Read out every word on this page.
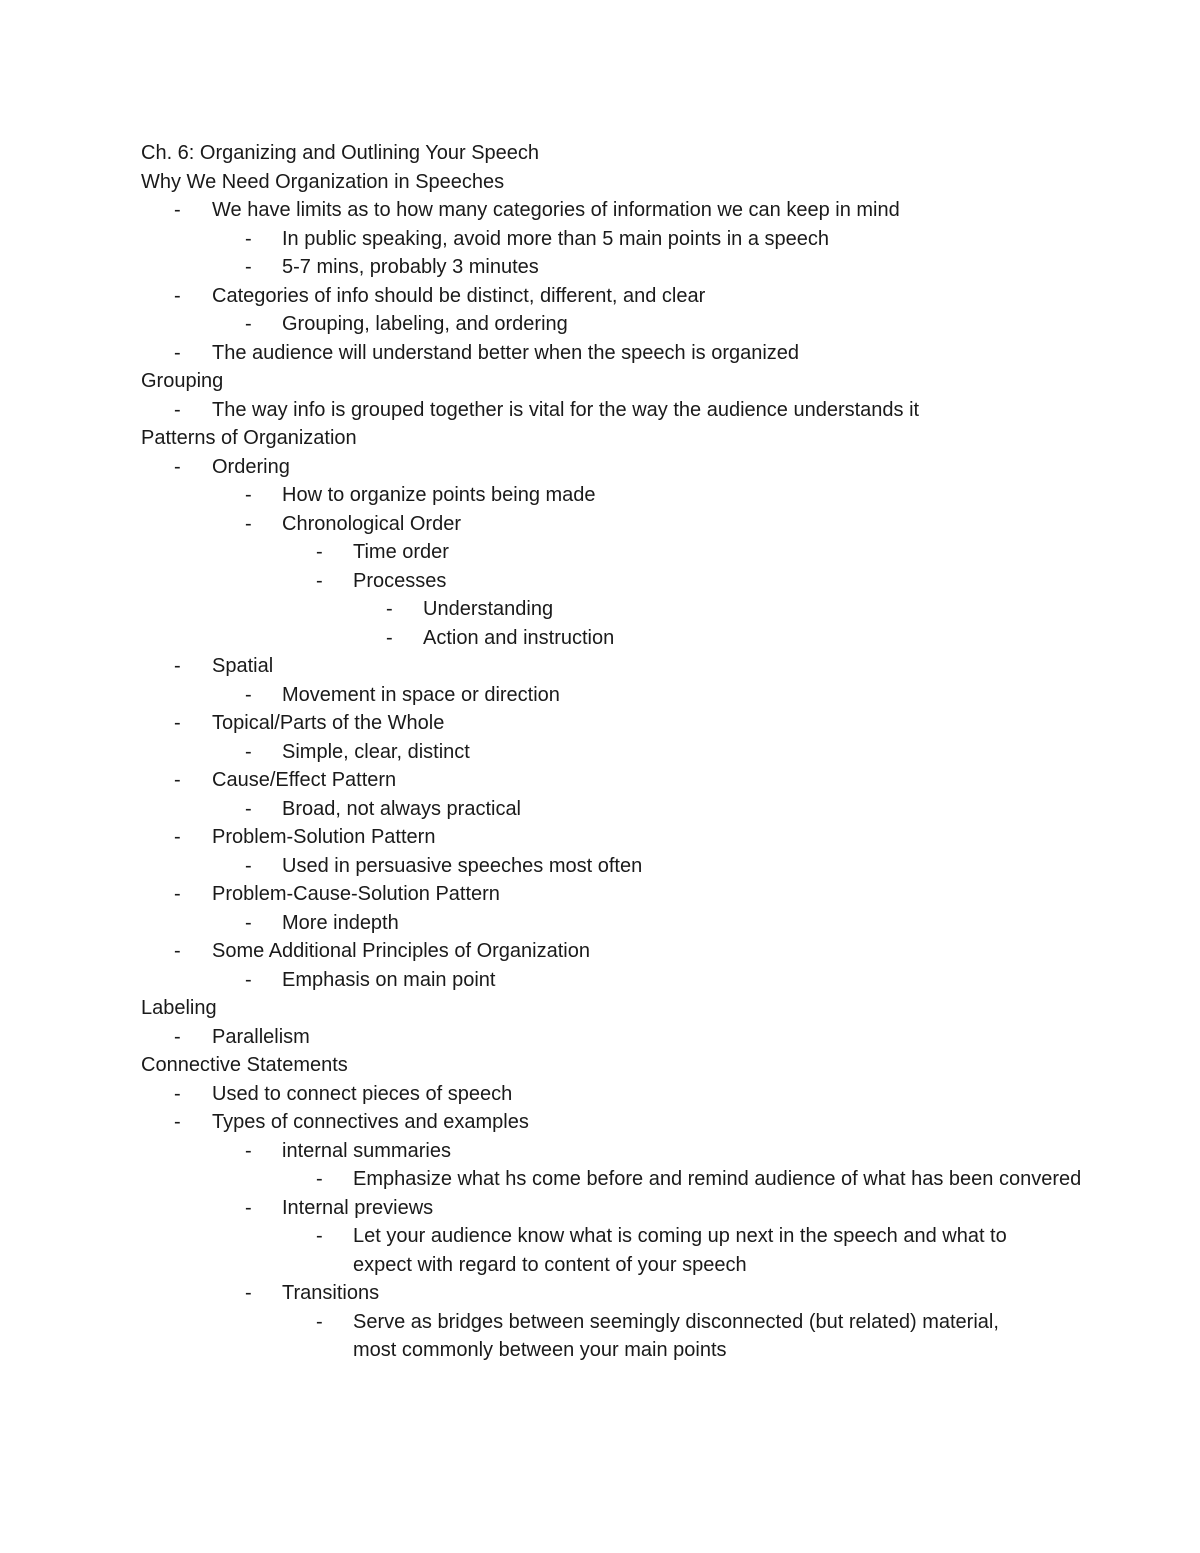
Ch. 6: Organizing and Outlining Your Speech
Why We Need Organization in Speeches
- We have limits as to how many categories of information we can keep in mind
- In public speaking, avoid more than 5 main points in a speech
- 5-7 mins, probably 3 minutes
- Categories of info should be distinct, different, and clear
- Grouping, labeling, and ordering
- The audience will understand better when the speech is organized
Grouping
- The way info is grouped together is vital for the way the audience understands it
Patterns of Organization
- Ordering
- How to organize points being made
- Chronological Order
- Time order
- Processes
- Understanding
- Action and instruction
- Spatial
- Movement in space or direction
- Topical/Parts of the Whole
- Simple, clear, distinct
- Cause/Effect Pattern
- Broad, not always practical
- Problem-Solution Pattern
- Used in persuasive speeches most often
- Problem-Cause-Solution Pattern
- More indepth
- Some Additional Principles of Organization
- Emphasis on main point
Labeling
- Parallelism
Connective Statements
- Used to connect pieces of speech
- Types of connectives and examples
- internal summaries
- Emphasize what hs come before and remind audience of what has been convered
- Internal previews
- Let your audience know what is coming up next in the speech and what to expect with regard to content of your speech
- Transitions
- Serve as bridges between seemingly disconnected (but related) material, most commonly between your main points
